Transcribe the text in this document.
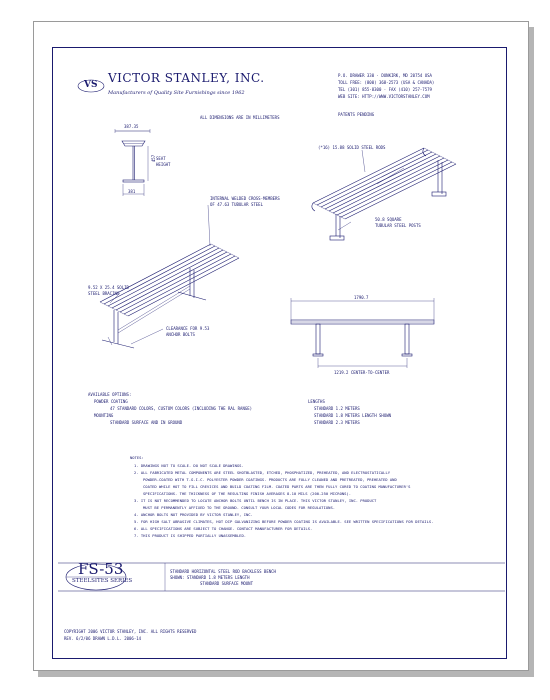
VS VICTOR STANLEY, INC.
Manufacturers of Quality Site Furnishings since 1962
P.O. DRAWER 330 · DUNKIRK, MD 20754 USA
TOLL FREE: (800) 368-2573 (USA & CANADA)
TEL (301) 855-8300 · FAX (410) 257-7579
WEB SITE: HTTP://WWW.VICTORSTANLEY.COM
ALL DIMENSIONS ARE IN MILLIMETERS
PATENTS PENDING
387.35
457 SEAT
HEIGHT
381
(*16) 15.88 SOLID STEEL RODS
50.8 SQUARE
TUBULAR STEEL POSTS
INTERNAL WELDED CROSS-MEMBERS
OF 47.63 TUBULAR STEEL
9.52 X 25.4 SOLID
STEEL BRACING
CLEARANCE FOR 9.53
ANCHOR BOLTS
1790.7
1219.2 CENTER-TO-CENTER
AVAILABLE OPTIONS:
POWDER COATING
47 STANDARD COLORS, CUSTOM COLORS (INCLUDING THE RAL RANGE)
MOUNTING
STANDARD SURFACE AND IN GROUND
LENGTHS
STANDARD 1.2 METERS
STANDARD 1.8 METERS LENGTH SHOWN
STANDARD 2.3 METERS
NOTES:
1. DRAWINGS NOT TO SCALE. DO NOT SCALE DRAWINGS.
2. ALL FABRICATED METAL COMPONENTS ARE STEEL SHOTBLASTED, ETCHED, PHOSPHATIZED, PREHEATED, AND ELECTROSTATICALLY
POWDER-COATED WITH T.G.I.C. POLYESTER POWDER COATINGS. PRODUCTS ARE FULLY CLEANED AND PRETREATED, PREHEATED AND
COATED WHILE HOT TO FILL CREVICES AND BUILD COATING FILM. COATED PARTS ARE THEN FULLY CURED TO COATING MANUFACTURER'S
SPECIFICATIONS. THE THICKNESS OF THE RESULTING FINISH AVERAGES 8-10 MILS (200-250 MICRONS).
3. IT IS NOT RECOMMENDED TO LOCATE ANCHOR BOLTS UNTIL BENCH IS IN PLACE. THIS VICTOR STANLEY, INC. PRODUCT
MUST BE PERMANENTLY AFFIXED TO THE GROUND. CONSULT YOUR LOCAL CODES FOR REGULATIONS.
4. ANCHOR BOLTS NOT PROVIDED BY VICTOR STANLEY, INC.
5. FOR HIGH SALT ABRASIVE CLIMATES, HOT DIP GALVANIZING BEFORE POWDER COATING IS AVAILABLE. SEE WRITTEN SPECIFICATIONS FOR DETAILS.
6. ALL SPECIFICATIONS ARE SUBJECT TO CHANGE. CONTACT MANUFACTURER FOR DETAILS.
7. THIS PRODUCT IS SHIPPED PARTIALLY UNASSEMBLED.
FS-53
STEELSITES SERIES
STANDARD HORIZONTAL STEEL ROD BACKLESS BENCH
SHOWN: STANDARD 1.8 METERS LENGTH
STANDARD SURFACE MOUNT
COPYRIGHT 2006 VICTOR STANLEY, INC. ALL RIGHTS RESERVED
REV. 6/2/06 DRAWN L.D.L. 2006-14
